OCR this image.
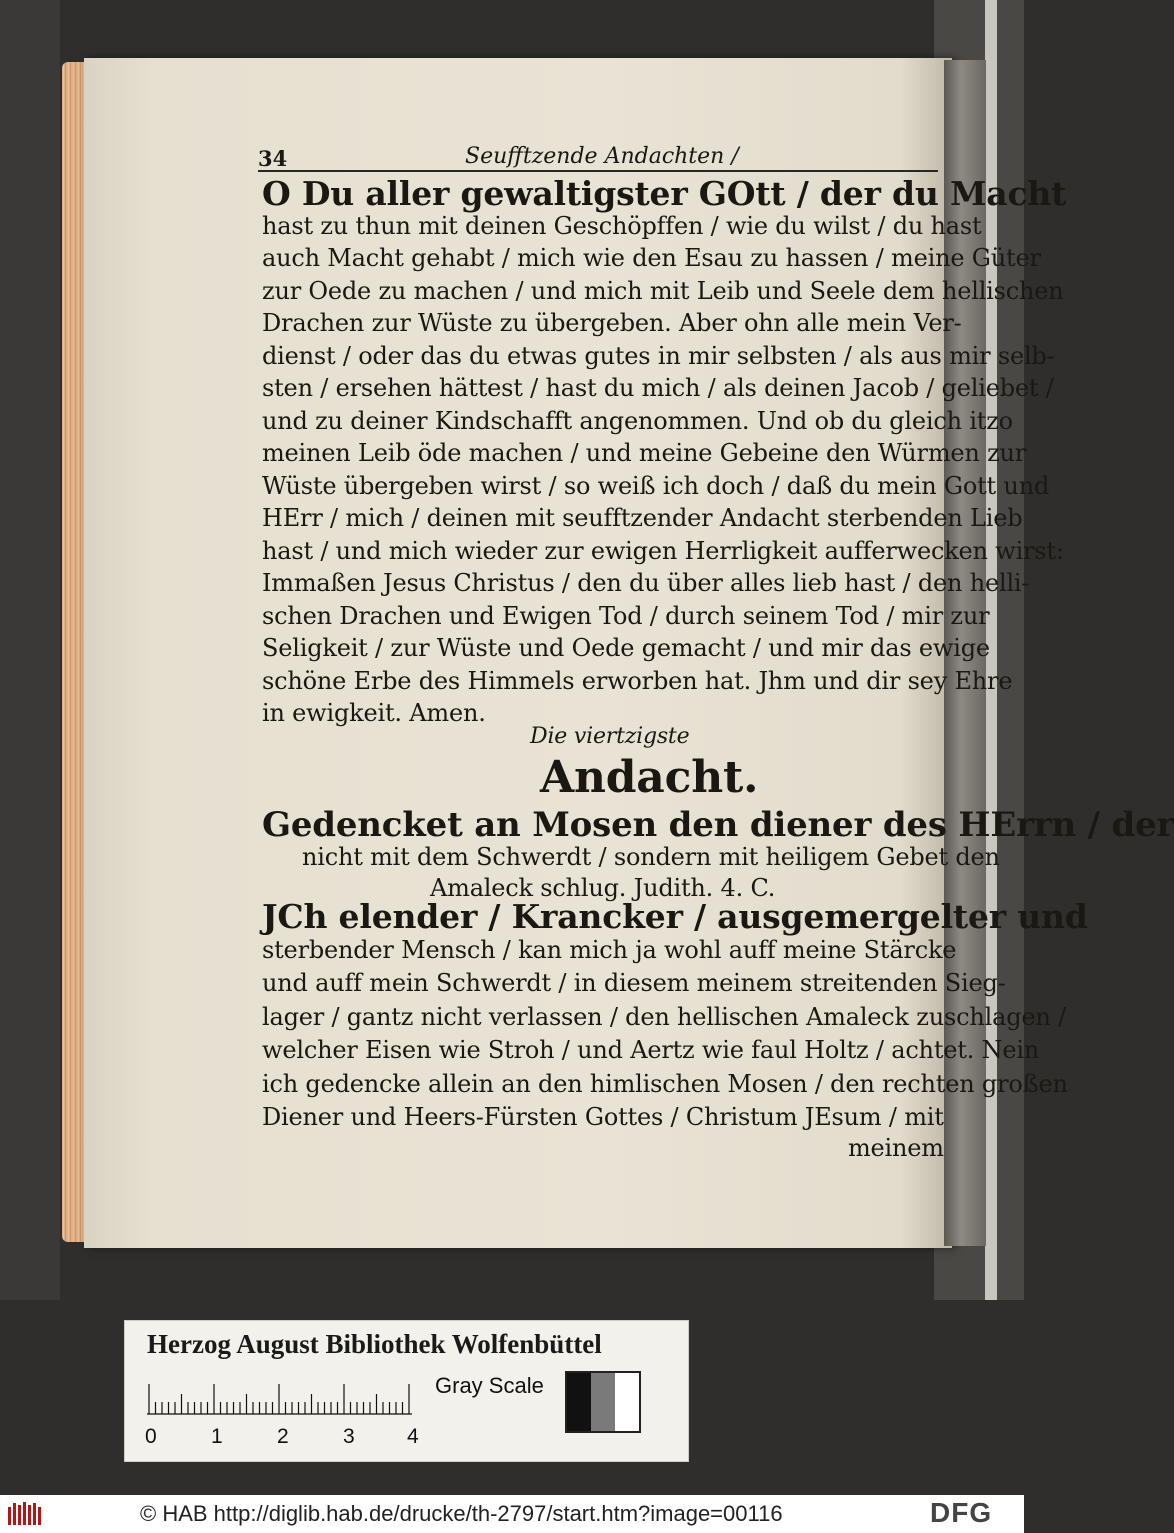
34	Seufftzende Andachten /
O Du aller gewaltigster GOtt / der du Macht
hast zu thun mit deinen Geschöpffen / wie du wilst / du hast
auch Macht gehabt / mich wie den Esau zu hassen / meine Güter
zur Oede zu machen / und mich mit Leib und Seele dem hellischen
Drachen zur Wüste zu übergeben. Aber ohn alle mein Ver-
dienst / oder das du etwas gutes in mir selbsten / als aus mir selb-
sten / ersehen hättest / hast du mich / als deinen Jacob / geliebet /
und zu deiner Kindschafft angenommen. Und ob du gleich itzo
meinen Leib öde machen / und meine Gebeine den Würmen zur
Wüste übergeben wirst / so weiß ich doch / daß du mein Gott und
HErr / mich / deinen mit seufftzender Andacht sterbenden Lieb
hast / und mich wieder zur ewigen Herrligkeit aufferwecken wirst:
Immaßen Jesus Christus / den du über alles lieb hast / den helli-
schen Drachen und Ewigen Tod / durch seinem Tod / mir zur
Seligkeit / zur Wüste und Oede gemacht / und mir das ewige
schöne Erbe des Himmels erworben hat. Jhm und dir sey Ehre
in ewigkeit. Amen.
Die viertzigste
Andacht.
Gedencket an Mosen den diener des HErrn / der
nicht mit dem Schwerdt / sondern mit heiligem Gebet den
Amaleck schlug. Judith. 4. C.
JCh elender / Krancker / ausgemergelter und
sterbender Mensch / kan mich ja wohl auff meine Stärcke
und auff mein Schwerdt / in diesem meinem streitenden Sieg-
lager / gantz nicht verlassen / den hellischen Amaleck zuschlagen /
welcher Eisen wie Stroh / und Aertz wie faul Holtz / achtet. Nein
ich gedencke allein an den himlischen Mosen / den rechten großen
Diener und Heers-Fürsten Gottes / Christum JEsum / mit
meinem
Herzog August Bibliothek Wolfenbüttel
0	1	2	3 4
Gray Scale
© HAB http://diglib.hab.de/drucke/th-2797/start.htm?image=00116	DFG
